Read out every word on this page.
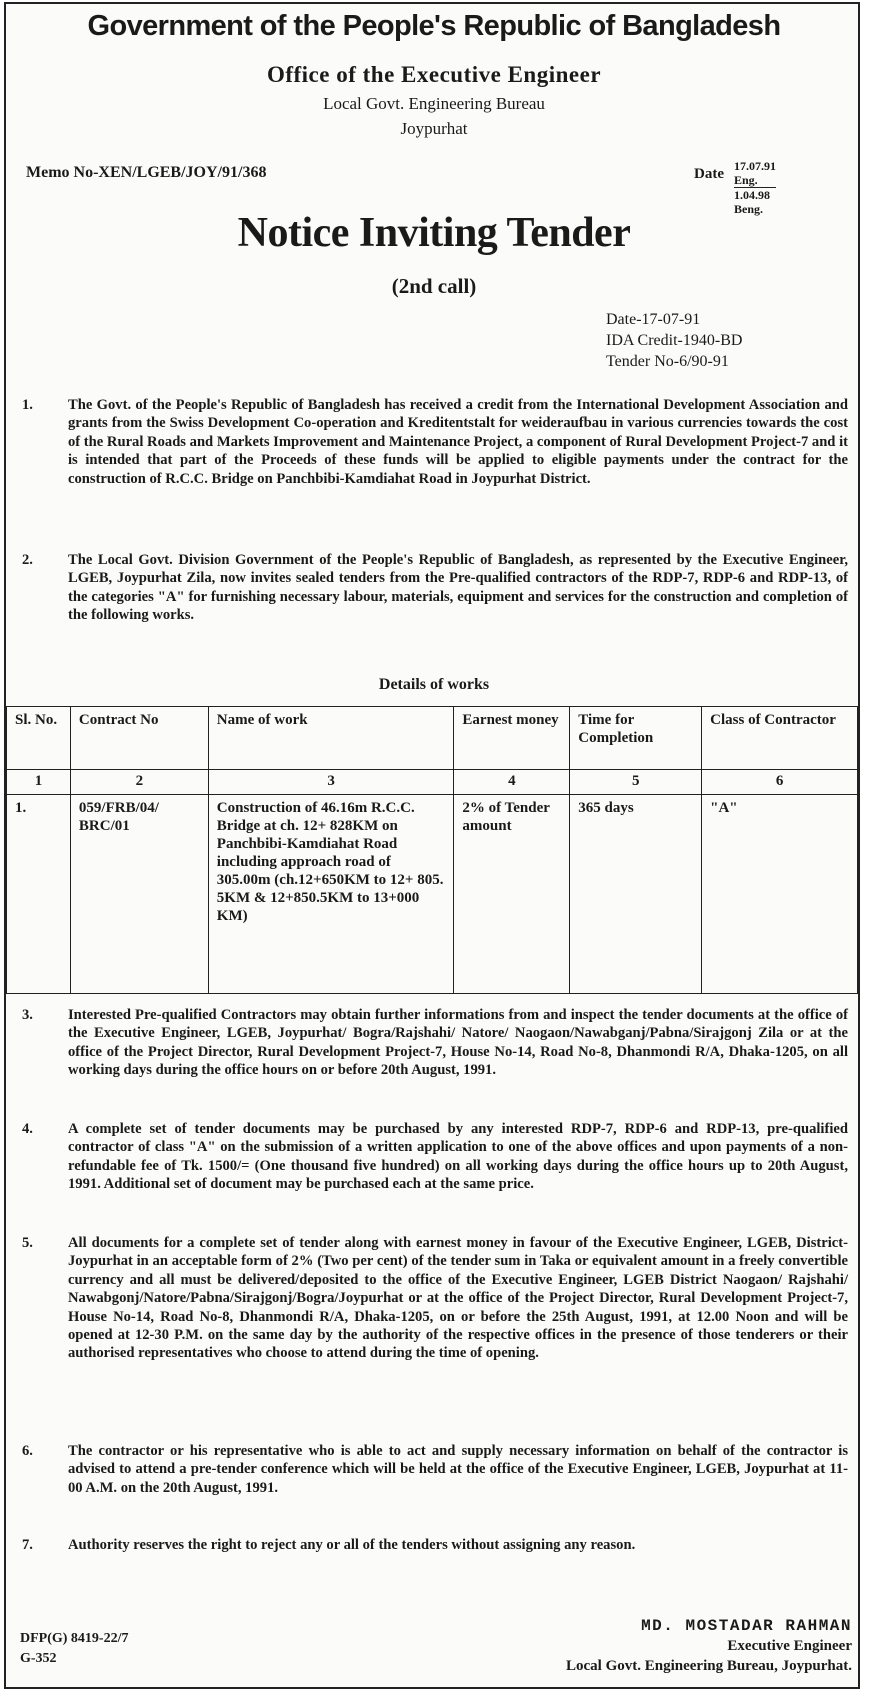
Government of the People's Republic of Bangladesh
Office of the Executive Engineer
Local Govt. Engineering Bureau
Joypurhat
Memo No-XEN/LGEB/JOY/91/368	Date 17.07.91 Eng.
1.04.98 Beng.
Notice Inviting Tender
(2nd call)
Date-17-07-91
IDA Credit-1940-BD
Tender No-6/90-91
1.	The Govt. of the People's Republic of Bangladesh has received a credit from the International Development Association and grants from the Swiss Development Co-operation and Kreditentstalt for weideraufbau in various currencies towards the cost of the Rural Roads and Markets Improvement and Maintenance Project, a component of Rural Development Project-7 and it is intended that part of the Proceeds of these funds will be applied to eligible payments under the contract for the construction of R.C.C. Bridge on Panchbibi-Kamdiahat Road in Joypurhat District.
2.	The Local Govt. Division Government of the People's Republic of Bangladesh, as represented by the Executive Engineer, LGEB, Joypurhat Zila, now invites sealed tenders from the Pre-qualified contractors of the RDP-7, RDP-6 and RDP-13, of the categories "A" for furnishing necessary labour, materials, equipment and services for the construction and completion of the following works.
Details of works
Sl. No.	Contract No	Name of work	Earnest money	Time for Completion	Class of Contractor
1	2	3	4	5	6
1.	059/FRB/04/ BRC/01	Construction of 46.16m R.C.C. Bridge at ch. 12+ 828KM on Panchbibi-Kamdiahat Road including approach road of 305.00m (ch.12+650KM to 12+ 805. 5KM & 12+850.5KM to 13+000 KM)	2% of Tender amount	365 days	"A"
3.	Interested Pre-qualified Contractors may obtain further informations from and inspect the tender documents at the office of the Executive Engineer, LGEB, Joypurhat/ Bogra/Rajshahi/ Natore/ Naogaon/Nawabganj/Pabna/Sirajgonj Zila or at the office of the Project Director, Rural Development Project-7, House No-14, Road No-8, Dhanmondi R/A, Dhaka-1205, on all working days during the office hours on or before 20th August, 1991.
4.	A complete set of tender documents may be purchased by any interested RDP-7, RDP-6 and RDP-13, pre-qualified contractor of class "A" on the submission of a written application to one of the above offices and upon payments of a non-refundable fee of Tk. 1500/= (One thousand five hundred) on all working days during the office hours up to 20th August, 1991. Additional set of document may be purchased each at the same price.
5.	All documents for a complete set of tender along with earnest money in favour of the Executive Engineer, LGEB, District-Joypurhat in an acceptable form of 2% (Two per cent) of the tender sum in Taka or equivalent amount in a freely convertible currency and all must be delivered/deposited to the office of the Executive Engineer, LGEB District Naogaon/ Rajshahi/ Nawabgonj/Natore/Pabna/Sirajgonj/Bogra/Joypurhat or at the office of the Project Director, Rural Development Project-7, House No-14, Road No-8, Dhanmondi R/A, Dhaka-1205, on or before the 25th August, 1991, at 12.00 Noon and will be opened at 12-30 P.M. on the same day by the authority of the respective offices in the presence of those tenderers or their authorised representatives who choose to attend during the time of opening.
6.	The contractor or his representative who is able to act and supply necessary information on behalf of the contractor is advised to attend a pre-tender conference which will be held at the office of the Executive Engineer, LGEB, Joypurhat at 11-00 A.M. on the 20th August, 1991.
7.	Authority reserves the right to reject any or all of the tenders without assigning any reason.
DFP(G) 8419-22/7
G-352
MD. MOSTADAR RAHMAN
Executive Engineer
Local Govt. Engineering Bureau, Joypurhat.
